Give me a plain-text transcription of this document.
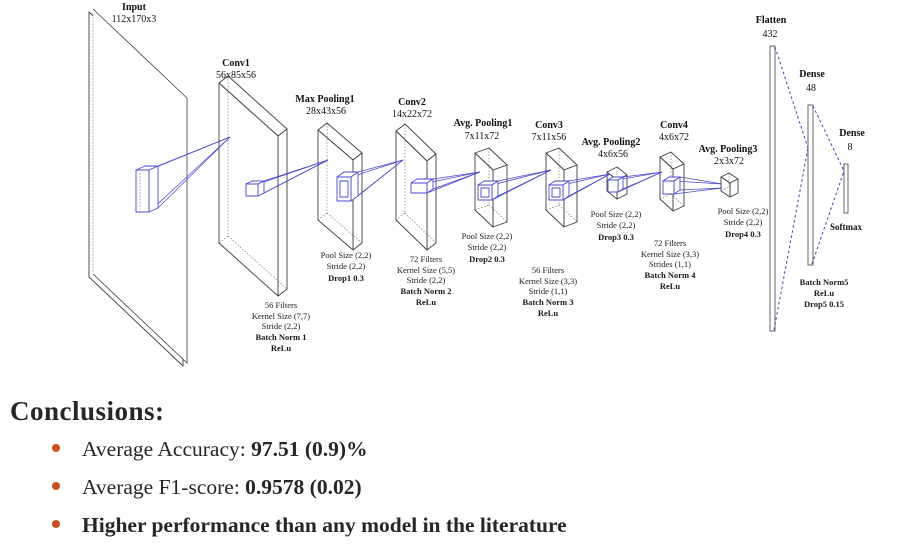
Input
112x170x3
Conv1
56x85x56
Max Pooling1
28x43x56
Conv2
14x22x72
Avg. Pooling1
7x11x72
Conv3
7x11x56 Avg. Pooling2
4x6x56
Conv4
4x6x72
Avg. Pooling3
2x3x72
Flatten
432
Dense
48
Dense
8
Softmax
56 Filters
Kernel Size (7,7)
Stride (2,2)
Batch Norm 1
ReLu
Pool Size (2,2)
Stride (2,2)
Drop1 0.3
72 Filters
Kernel Size (5,5)
Stride (2,2)
Batch Norm 2
ReLu
Pool Size (2,2)
Stride (2,2)
Drop2 0.3
56 Filters
Kernel Size (3,3)
Stride (1,1)
Batch Norm 3
ReLu
Pool Size (2,2)
Stride (2,2)
Drop3 0.3
72 Filters
Kernel Size (3,3)
Strides (1,1)
Batch Norm 4
ReLu
Pool Size (2,2)
Stride (2,2)
Drop4 0.3
Batch Norm5
ReLu
Drop5 0.15
Conclusions:
Average Accuracy: 97.51 (0.9)%
Average F1-score: 0.9578 (0.02)
Higher performance than any model in the literature
